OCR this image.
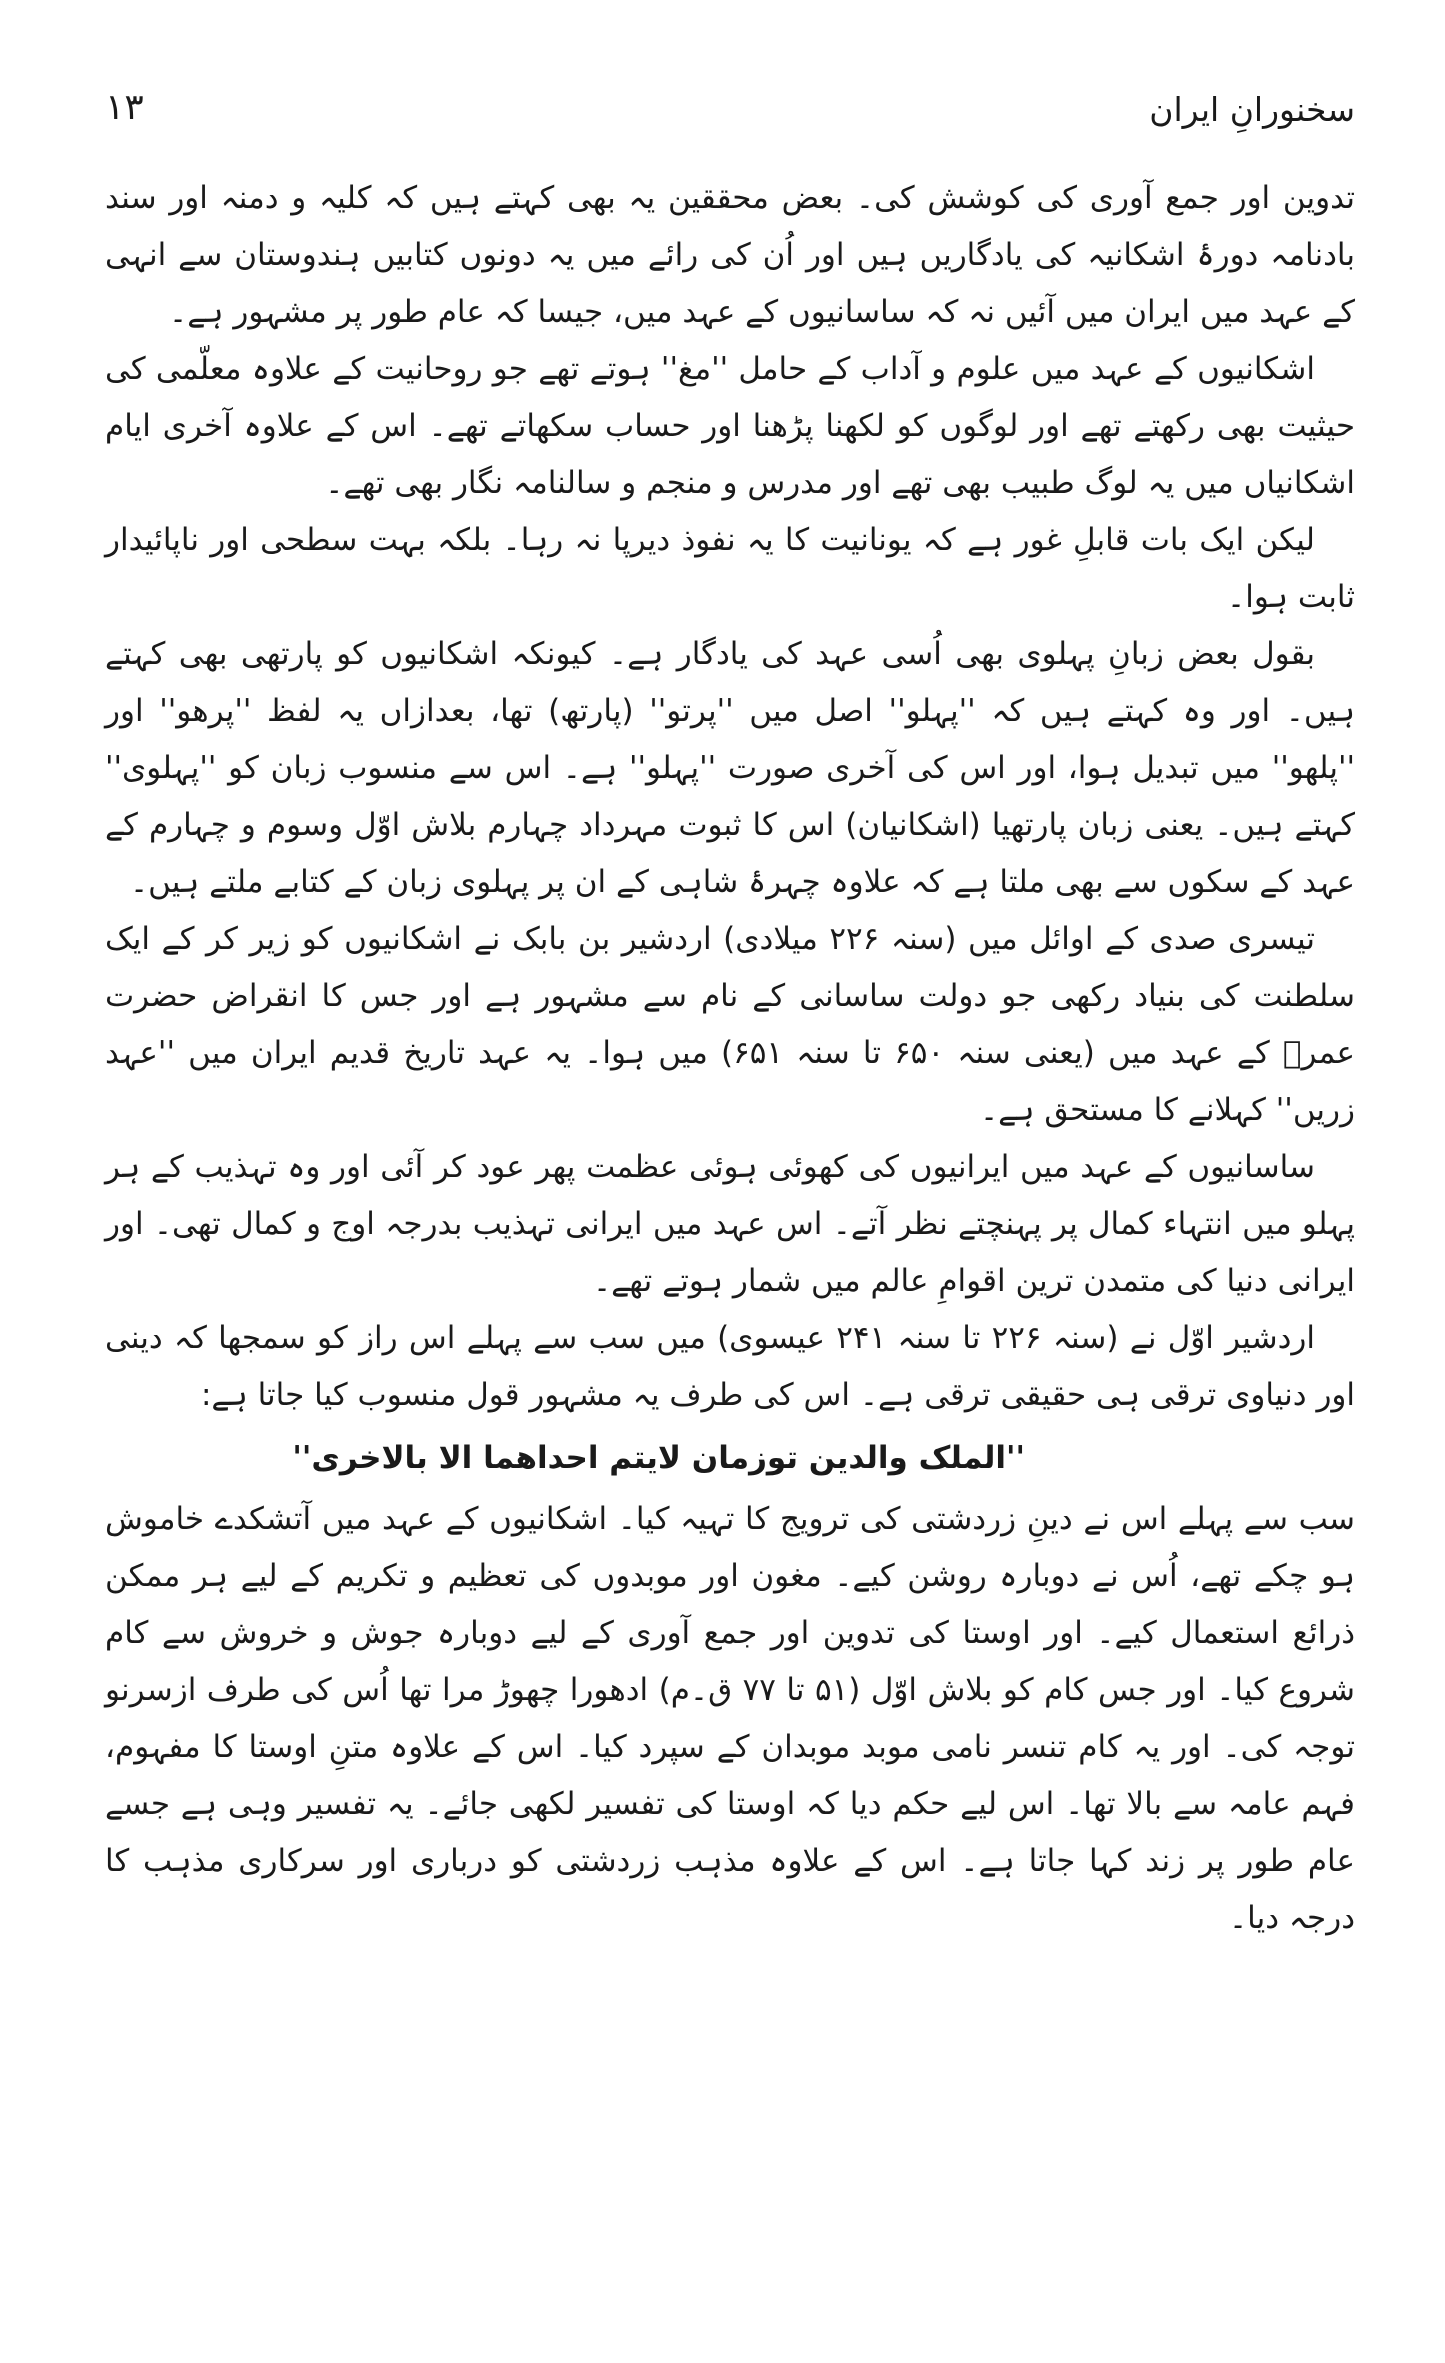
سخنورانِ ایران
۱۳

تدوین اور جمع آوری کی کوشش کی۔ بعض محققین یہ بھی کہتے ہیں کہ کلیہ و دمنہ اور سند بادنامہ دورۂ اشکانیہ کی یادگاریں ہیں اور اُن کی رائے میں یہ دونوں کتابیں ہندوستان سے انہی کے عہد میں ایران میں آئیں نہ کہ ساسانیوں کے عہد میں، جیسا کہ عام طور پر مشہور ہے۔

اشکانیوں کے عہد میں علوم و آداب کے حامل ''مغ'' ہوتے تھے جو روحانیت کے علاوہ معلّمی کی حیثیت بھی رکھتے تھے اور لوگوں کو لکھنا پڑھنا اور حساب سکھاتے تھے۔ اس کے علاوہ آخری ایام اشکانیاں میں یہ لوگ طبیب بھی تھے اور مدرس و منجم و سالنامہ نگار بھی تھے۔

لیکن ایک بات قابلِ غور ہے کہ یونانیت کا یہ نفوذ دیرپا نہ رہا۔ بلکہ بہت سطحی اور ناپائیدار ثابت ہوا۔

بقول بعض زبانِ پہلوی بھی اُسی عہد کی یادگار ہے۔ کیونکہ اشکانیوں کو پارتھی بھی کہتے ہیں۔ اور وہ کہتے ہیں کہ ''پہلو'' اصل میں ''پرتو'' (پارتھ) تھا، بعدازاں یہ لفظ ''پرھو'' اور ''پلھو'' میں تبدیل ہوا، اور اس کی آخری صورت ''پہلو'' ہے۔ اس سے منسوب زبان کو ''پہلوی'' کہتے ہیں۔ یعنی زبان پارتھیا (اشکانیان) اس کا ثبوت مہرداد چہارم بلاش اوّل وسوم و چہارم کے عہد کے سکوں سے بھی ملتا ہے کہ علاوہ چہرۂ شاہی کے ان پر پہلوی زبان کے کتابے ملتے ہیں۔

تیسری صدی کے اوائل میں (سنہ ۲۲۶ میلادی) اردشیر بن بابک نے اشکانیوں کو زیر کر کے ایک سلطنت کی بنیاد رکھی جو دولت ساسانی کے نام سے مشہور ہے اور جس کا انقراض حضرت عمرؓ کے عہد میں (یعنی سنہ ۶۵۰ تا سنہ ۶۵۱) میں ہوا۔ یہ عہد تاریخ قدیم ایران میں ''عہد زریں'' کہلانے کا مستحق ہے۔

ساسانیوں کے عہد میں ایرانیوں کی کھوئی ہوئی عظمت پھر عود کر آئی اور وہ تہذیب کے ہر پہلو میں انتہاء کمال پر پہنچتے نظر آتے۔ اس عہد میں ایرانی تہذیب بدرجہ اوج و کمال تھی۔ اور ایرانی دنیا کی متمدن ترین اقوامِ عالم میں شمار ہوتے تھے۔

اردشیر اوّل نے (سنہ ۲۲۶ تا سنہ ۲۴۱ عیسوی) میں سب سے پہلے اس راز کو سمجھا کہ دینی اور دنیاوی ترقی ہی حقیقی ترقی ہے۔ اس کی طرف یہ مشہور قول منسوب کیا جاتا ہے:

''الملک والدین توزمان لایتم احداھما الا بالاخری''

سب سے پہلے اس نے دینِ زردشتی کی ترویج کا تہیہ کیا۔ اشکانیوں کے عہد میں آتشکدے خاموش ہو چکے تھے، اُس نے دوبارہ روشن کیے۔ مغون اور موبدوں کی تعظیم و تکریم کے لیے ہر ممکن ذرائع استعمال کیے۔ اور اوستا کی تدوین اور جمع آوری کے لیے دوبارہ جوش و خروش سے کام شروع کیا۔ اور جس کام کو بلاش اوّل (۵۱ تا ۷۷ ق۔م) ادھورا چھوڑ مرا تھا اُس کی طرف ازسرنو توجہ کی۔ اور یہ کام تنسر نامی موبد موبدان کے سپرد کیا۔ اس کے علاوہ متنِ اوستا کا مفہوم، فہم عامہ سے بالا تھا۔ اس لیے حکم دیا کہ اوستا کی تفسیر لکھی جائے۔ یہ تفسیر وہی ہے جسے عام طور پر زند کہا جاتا ہے۔ اس کے علاوہ مذہب زردشتی کو درباری اور سرکاری مذہب کا درجہ دیا۔
